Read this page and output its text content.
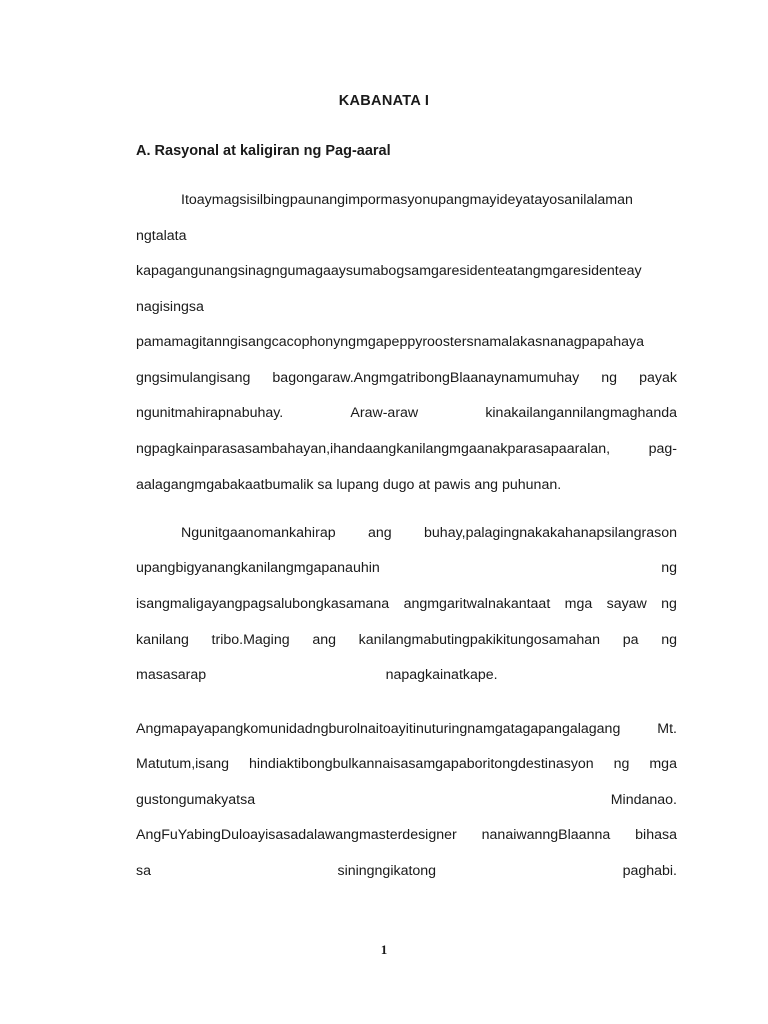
KABANATA I
A. Rasyonal at kaligiran ng Pag-aaral
Itoaymagsisilbingpaunangimpormasyonupangmayideyatayosanilalaman
ngtalata
kapagangunangsinagngumagaaysumabogsamgaresidenteatangmgaresidenteay
nagisingsa
pamamagitanngisangcacophonyngmgapeppyroostersnamalakasnanagpapahaya
gngsimulangisang bagongaraw.AngmgatribongBlaanaynamumuhay ng payak
ngunitmahirapnabuhay.	Araw-araw	kinakailangannilangmaghanda
ngpagkainparasasambahayan,ihandaangkanilangmgaanakparasapaaralan,	pag-
aalagangmgabakaatbumalik sa lupang dugo at pawis ang puhunan.
Ngunitgaanomankahirap ang buhay,palagingnakakahanapsilangrason
upangbigyanangkanilangmgapanauhin	ng
isangmaligayangpagsalubongkasamana angmgaritwalnakantaat mga sayaw ng
kanilang tribo.Maging ang kanilangmabutingpakikitungosamahan pa ng
masasarap	napagkainatkape.
Angmapayapangkomunidadngburolnaitoayitinuturingnamgatagapangalagang	Mt.
Matutum,isang hindiaktibongbulkannaisasamgapaboritongdestinasyon ng mga
gustongumakyatsa	Mindanao.
AngFuYabingDuloayisasadalawangmasterdesigner nanaiwanngBlaanna bihasa
sa	siningngikatong	paghabi.
1
